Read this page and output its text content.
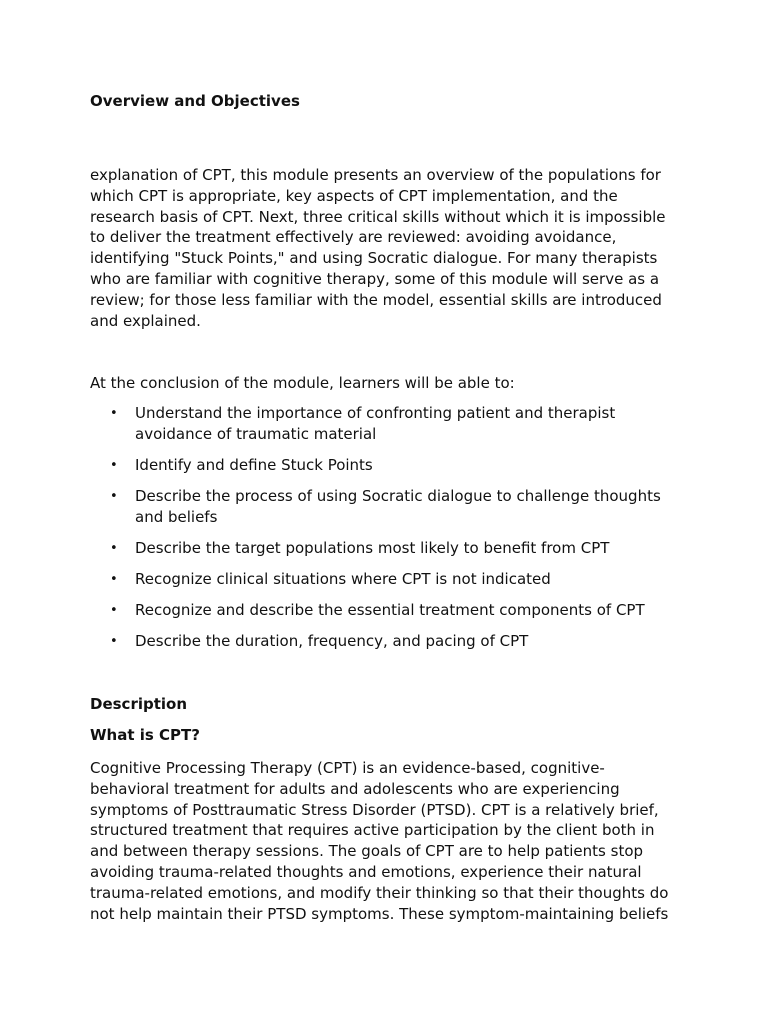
Overview and Objectives

explanation of CPT, this module presents an overview of the populations for which CPT is appropriate, key aspects of CPT implementation, and the research basis of CPT. Next, three critical skills without which it is impossible to deliver the treatment effectively are reviewed: avoiding avoidance, identifying "Stuck Points," and using Socratic dialogue. For many therapists who are familiar with cognitive therapy, some of this module will serve as a review; for those less familiar with the model, essential skills are introduced and explained.

At the conclusion of the module, learners will be able to:

• Understand the importance of confronting patient and therapist avoidance of traumatic material
• Identify and define Stuck Points
• Describe the process of using Socratic dialogue to challenge thoughts and beliefs
• Describe the target populations most likely to benefit from CPT
• Recognize clinical situations where CPT is not indicated
• Recognize and describe the essential treatment components of CPT
• Describe the duration, frequency, and pacing of CPT
Description
What is CPT?

Cognitive Processing Therapy (CPT) is an evidence-based, cognitive-behavioral treatment for adults and adolescents who are experiencing symptoms of Posttraumatic Stress Disorder (PTSD). CPT is a relatively brief, structured treatment that requires active participation by the client both in and between therapy sessions. The goals of CPT are to help patients stop avoiding trauma-related thoughts and emotions, experience their natural trauma-related emotions, and modify their thinking so that their thoughts do not help maintain their PTSD symptoms. These symptom-maintaining beliefs
